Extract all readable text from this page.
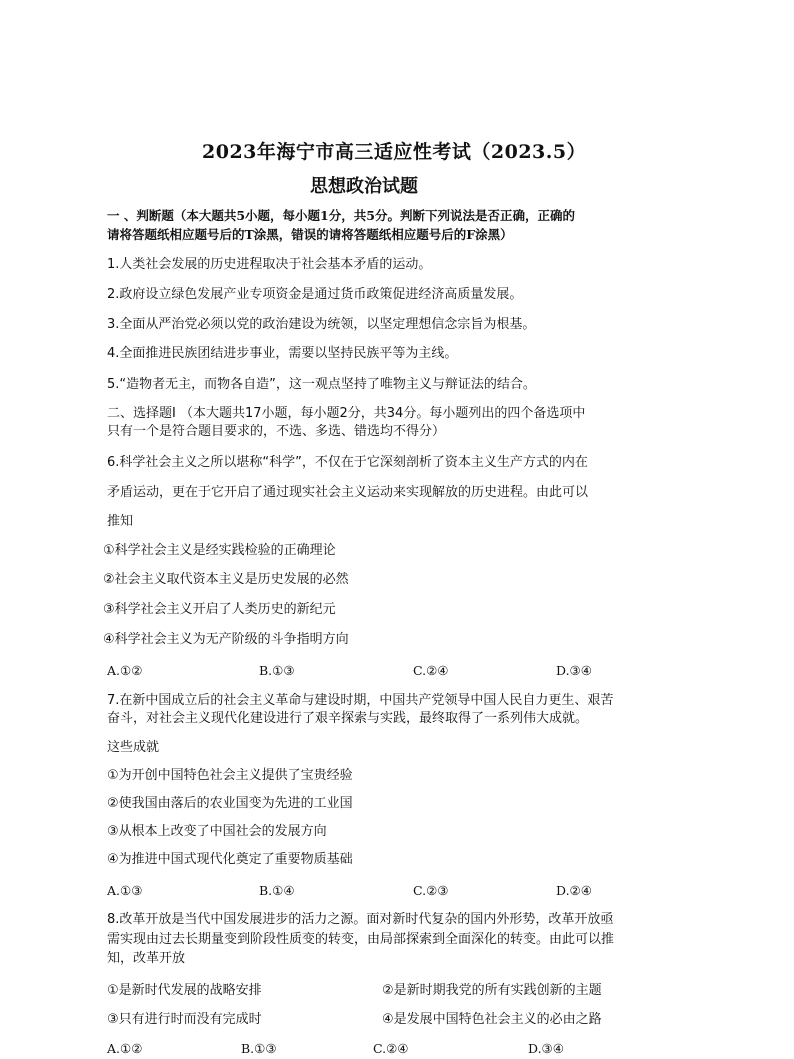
2023年海宁市高三适应性考试（2023.5）
思想政治试题
一 、判断题（本大题共5小题，每小题1分，共5分。判断下列说法是否正确，正确的
请将答题纸相应题号后的T涂黑，错误的请将答题纸相应题号后的F涂黑）
1.人类社会发展的历史进程取决于社会基本矛盾的运动。
2.政府设立绿色发展产业专项资金是通过货币政策促进经济高质量发展。
3.全面从严治党必须以党的政治建设为统领，以坚定理想信念宗旨为根基。
4.全面推进民族团结进步事业，需要以坚持民族平等为主线。
5.“造物者无主，而物各自造”，这一观点坚持了唯物主义与辩证法的结合。
二、选择题Ⅰ （本大题共17小题，每小题2分，共34分。每小题列出的四个备选项中
只有一个是符合题目要求的，不选、多选、错选均不得分）
6.科学社会主义之所以堪称“科学”，不仅在于它深刻剖析了资本主义生产方式的内在
矛盾运动，更在于它开启了通过现实社会主义运动来实现解放的历史进程。由此可以
推知
①科学社会主义是经实践检验的正确理论
②社会主义取代资本主义是历史发展的必然
③科学社会主义开启了人类历史的新纪元
④科学社会主义为无产阶级的斗争指明方向
A.①②	B.①③	C.②④	D.③④
7.在新中国成立后的社会主义革命与建设时期，中国共产党领导中国人民自力更生、艰苦
奋斗，对社会主义现代化建设进行了艰辛探索与实践，最终取得了一系列伟大成就。
这些成就
①为开创中国特色社会主义提供了宝贵经验
②使我国由落后的农业国变为先进的工业国
③从根本上改变了中国社会的发展方向
④为推进中国式现代化奠定了重要物质基础
A.①③	B.①④	C.②③	D.②④
8.改革开放是当代中国发展进步的活力之源。面对新时代复杂的国内外形势，改革开放亟
需实现由过去长期量变到阶段性质变的转变，由局部探索到全面深化的转变。由此可以推
知，改革开放
①是新时代发展的战略安排	②是新时期我党的所有实践创新的主题
③只有进行时而没有完成时	④是发展中国特色社会主义的必由之路
A.①②	B.①③	C.②④	D.③④
